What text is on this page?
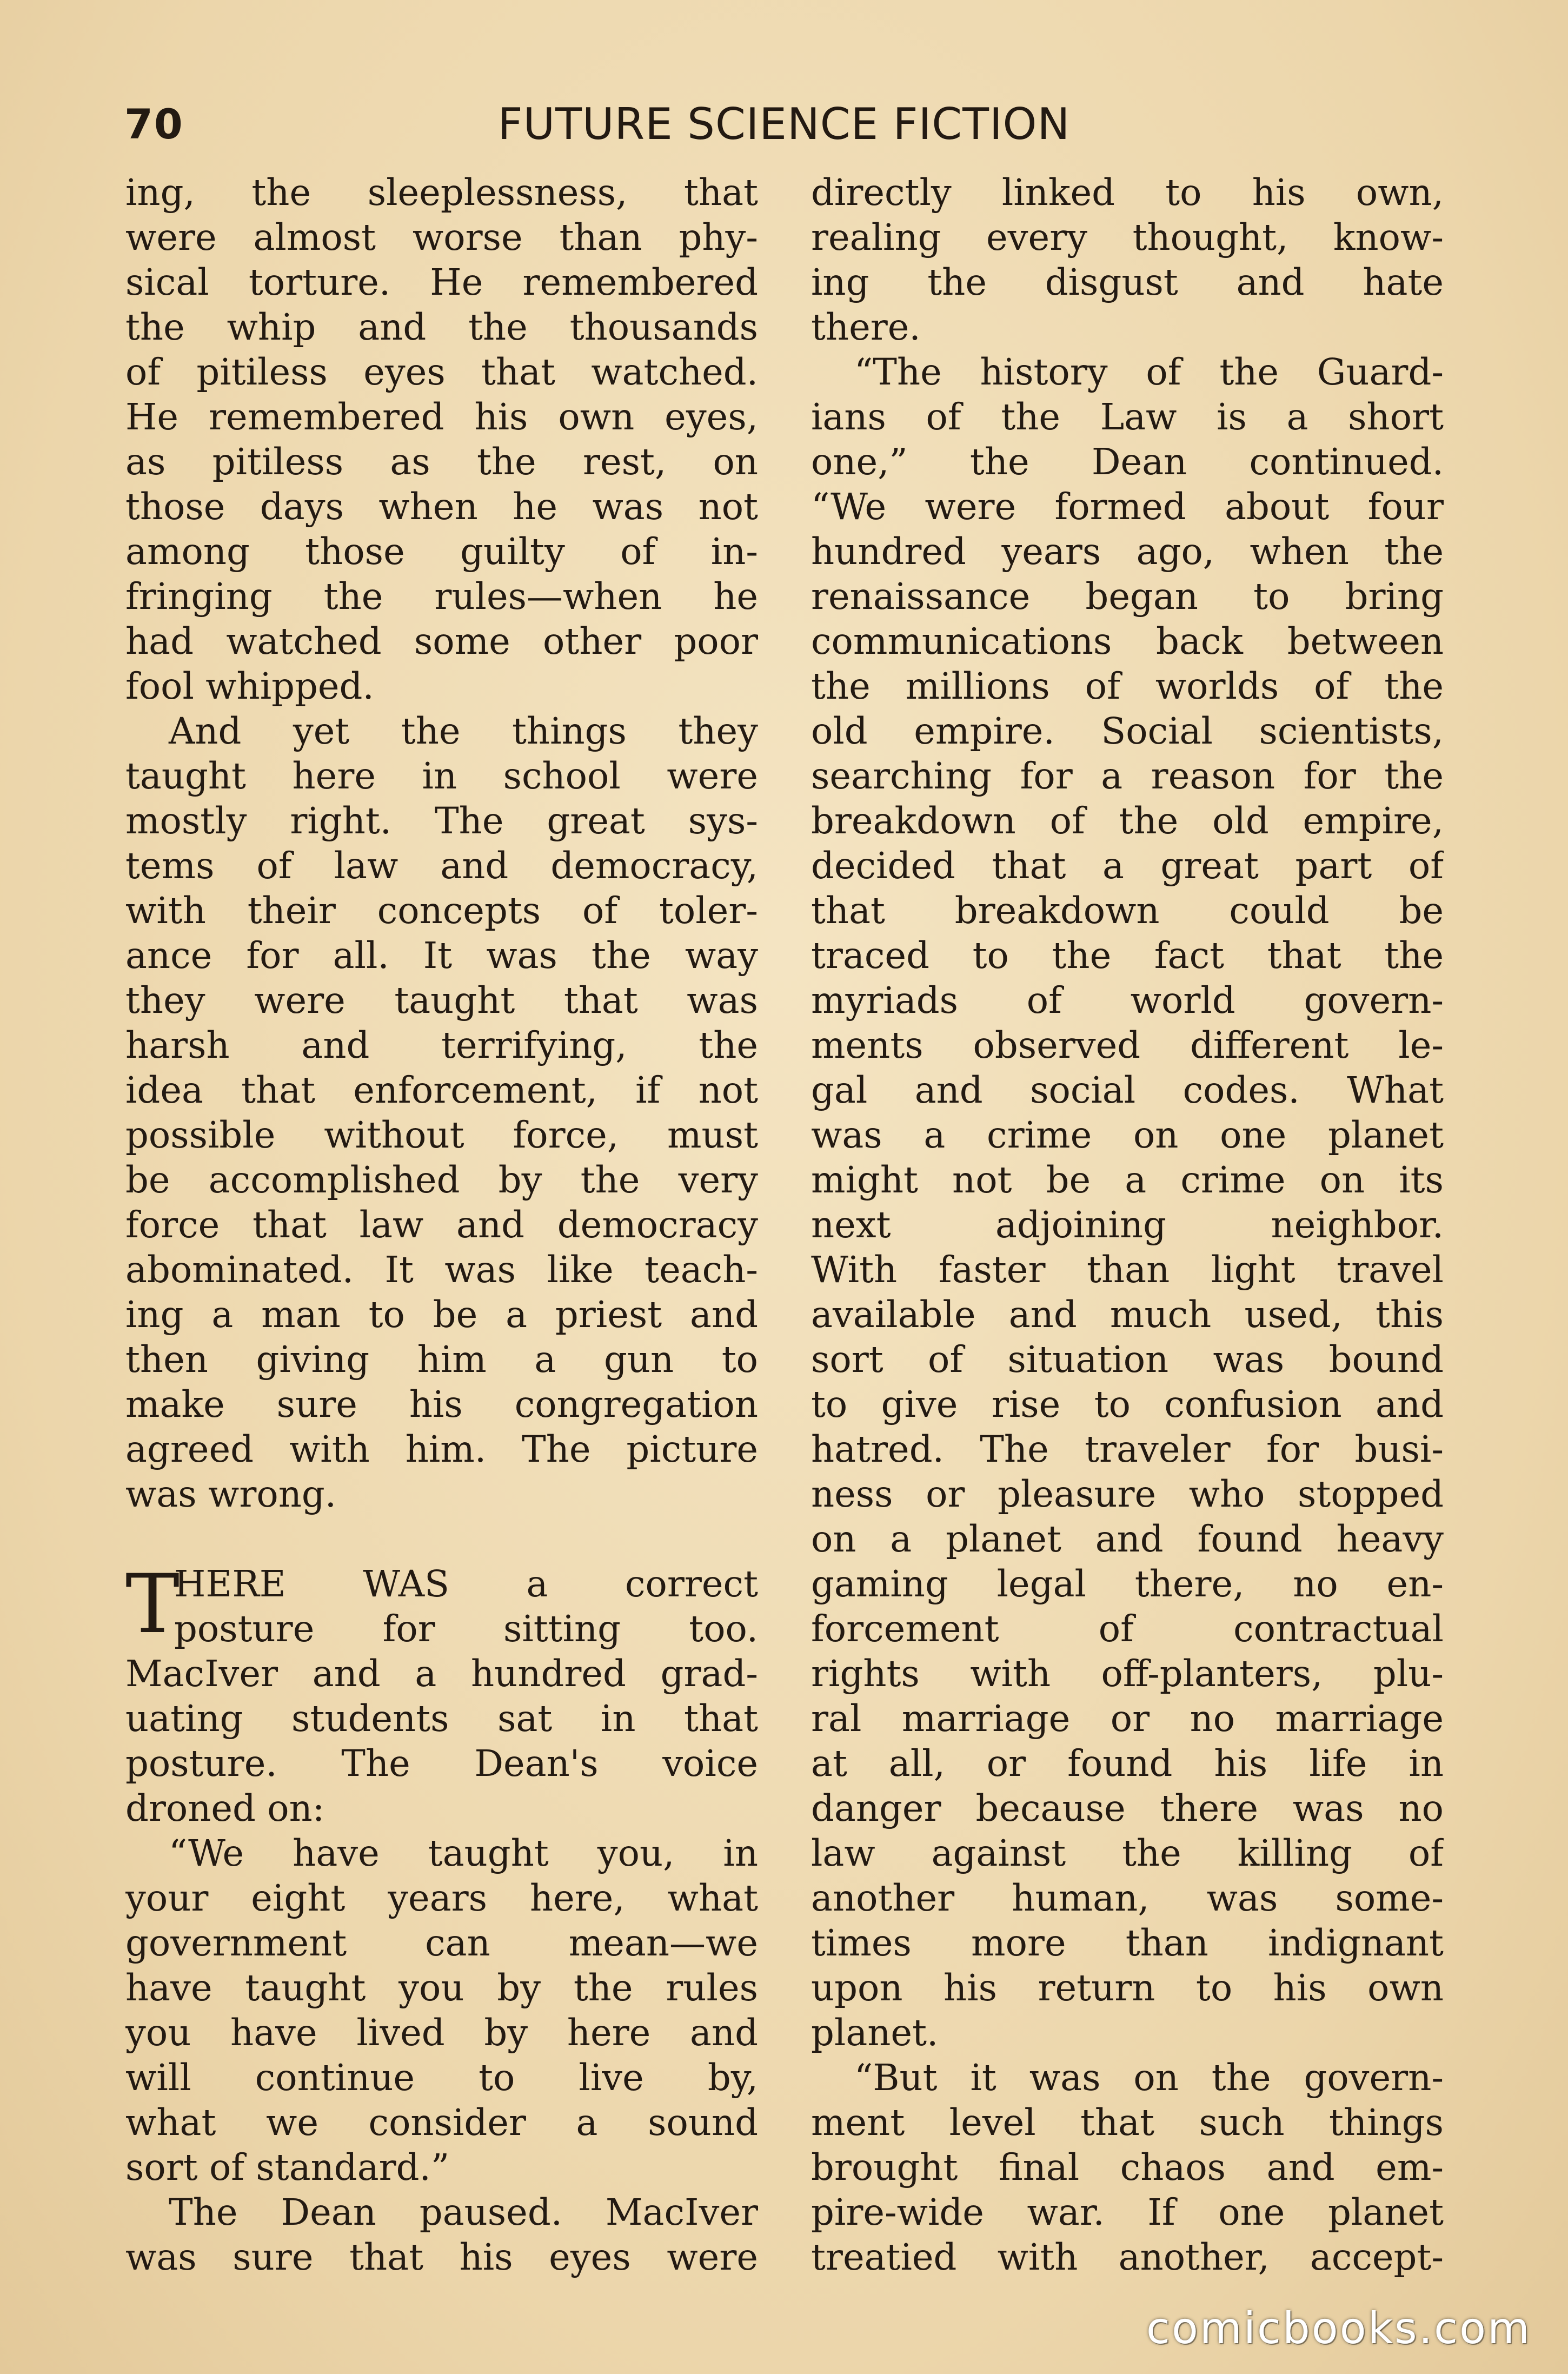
70	FUTURE SCIENCE FICTION
ing, the sleeplessness, that
were almost worse than phy-
sical torture. He remembered
the whip and the thousands
of pitiless eyes that watched.
He remembered his own eyes,
as pitiless as the rest, on
those days when he was not
among those guilty of in-
fringing the rules—when he
had watched some other poor
fool whipped.
And yet the things they
taught here in school were
mostly right. The great sys-
tems of law and democracy,
with their concepts of toler-
ance for all. It was the way
they were taught that was
harsh and terrifying, the
idea that enforcement, if not
possible without force, must
be accomplished by the very
force that law and democracy
abominated. It was like teach-
ing a man to be a priest and
then giving him a gun to
make sure his congregation
agreed with him. The picture
was wrong.
T
HERE WAS a correct
posture for sitting too.
MacIver and a hundred grad-
uating students sat in that
posture. The Dean's voice
droned on:
“We have taught you, in
your eight years here, what
government can mean—we
have taught you by the rules
you have lived by here and
will continue to live by,
what we consider a sound
sort of standard.”
The Dean paused. MacIver
was sure that his eyes were
directly linked to his own,
realing every thought, know-
ing the disgust and hate
there.
“The history of the Guard-
ians of the Law is a short
one,” the Dean continued.
“We were formed about four
hundred years ago, when the
renaissance began to bring
communications back between
the millions of worlds of the
old empire. Social scientists,
searching for a reason for the
breakdown of the old empire,
decided that a great part of
that breakdown could be
traced to the fact that the
myriads of world govern-
ments observed different le-
gal and social codes. What
was a crime on one planet
might not be a crime on its
next adjoining neighbor.
With faster than light travel
available and much used, this
sort of situation was bound
to give rise to confusion and
hatred. The traveler for busi-
ness or pleasure who stopped
on a planet and found heavy
gaming legal there, no en-
forcement of contractual
rights with off-planters, plu-
ral marriage or no marriage
at all, or found his life in
danger because there was no
law against the killing of
another human, was some-
times more than indignant
upon his return to his own
planet.
“But it was on the govern-
ment level that such things
brought final chaos and em-
pire-wide war. If one planet
treatied with another, accept-
comicbooks.com
